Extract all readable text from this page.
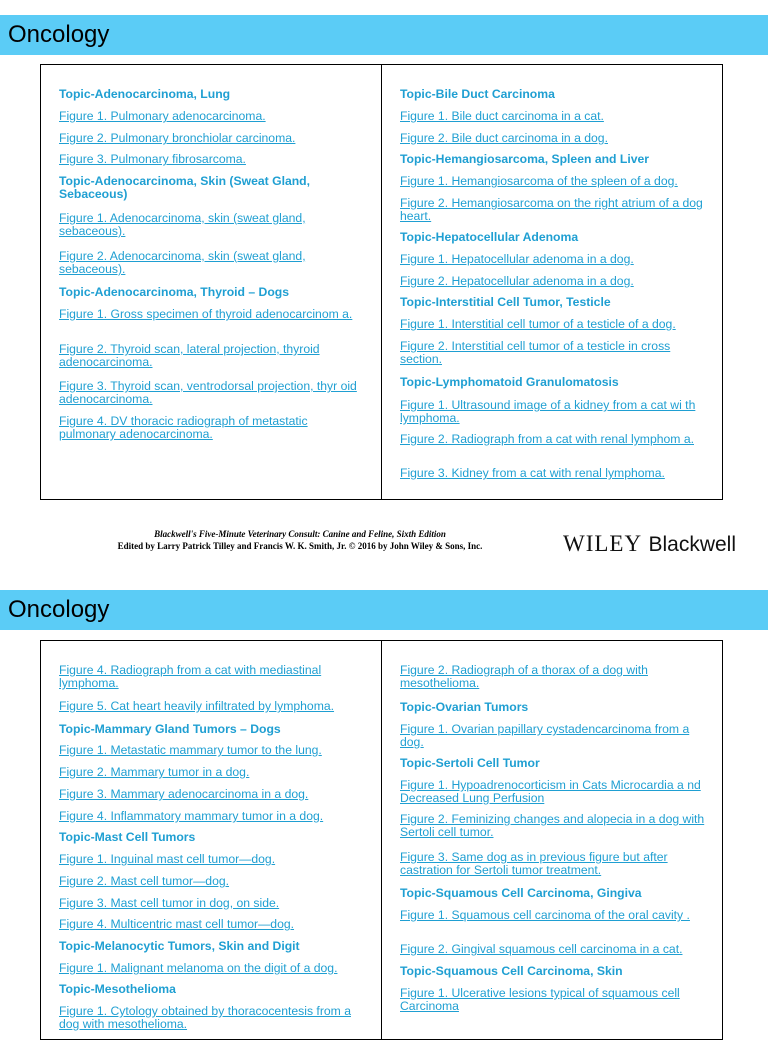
Oncology
Topic-Adenocarcinoma, Lung
Figure 1. Pulmonary adenocarcinoma.
Figure 2. Pulmonary bronchiolar carcinoma.
Figure 3. Pulmonary fibrosarcoma.
Topic-Adenocarcinoma, Skin (Sweat Gland, Sebaceous)
Figure 1. Adenocarcinoma, skin (sweat gland, sebaceous).
Figure 2. Adenocarcinoma, skin (sweat gland, sebaceous).
Topic-Adenocarcinoma, Thyroid – Dogs
Figure 1. Gross specimen of thyroid adenocarcinom a.
Figure 2. Thyroid scan, lateral projection, thyroid adenocarcinoma.
Figure 3. Thyroid scan, ventrodorsal projection, thyr oid adenocarcinoma.
Figure 4. DV thoracic radiograph of metastatic pulmonary adenocarcinoma.
Topic-Bile Duct Carcinoma
Figure 1. Bile duct carcinoma in a cat.
Figure 2. Bile duct carcinoma in a dog.
Topic-Hemangiosarcoma, Spleen and Liver
Figure 1. Hemangiosarcoma of the spleen of a dog.
Figure 2. Hemangiosarcoma on the right atrium of a dog heart.
Topic-Hepatocellular Adenoma
Figure 1. Hepatocellular adenoma in a dog.
Figure 2. Hepatocellular adenoma in a dog.
Topic-Interstitial Cell Tumor, Testicle
Figure 1. Interstitial cell tumor of a testicle of a dog.
Figure 2. Interstitial cell tumor of a testicle in cross section.
Topic-Lymphomatoid Granulomatosis
Figure 1. Ultrasound image of a kidney from a cat wi th lymphoma.
Figure 2. Radiograph from a cat with renal lymphom a.
Figure 3. Kidney from a cat with renal lymphoma.
Blackwell's Five-Minute Veterinary Consult: Canine and Feline, Sixth Edition
Edited by Larry Patrick Tilley and Francis W. K. Smith, Jr. © 2016 by John Wiley & Sons, Inc.	WILEY Blackwell
Oncology
Figure 4. Radiograph from a cat with mediastinal lymphoma.
Figure 5. Cat heart heavily infiltrated by lymphoma.
Topic-Mammary Gland Tumors – Dogs
Figure 1. Metastatic mammary tumor to the lung.
Figure 2. Mammary tumor in a dog.
Figure 3. Mammary adenocarcinoma in a dog.
Figure 4. Inflammatory mammary tumor in a dog.
Topic-Mast Cell Tumors
Figure 1. Inguinal mast cell tumor—dog.
Figure 2. Mast cell tumor—dog.
Figure 3. Mast cell tumor in dog, on side.
Figure 4. Multicentric mast cell tumor—dog.
Topic-Melanocytic Tumors, Skin and Digit
Figure 1. Malignant melanoma on the digit of a dog.
Topic-Mesothelioma
Figure 1. Cytology obtained by thoracocentesis from a dog with mesothelioma.
Figure 2. Radiograph of a thorax of a dog with mesothelioma.
Topic-Ovarian Tumors
Figure 1. Ovarian papillary cystadencarcinoma from a dog.
Topic-Sertoli Cell Tumor
Figure 1. Hypoadrenocorticism in Cats Microcardia a nd Decreased Lung Perfusion
Figure 2. Feminizing changes and alopecia in a dog with Sertoli cell tumor.
Figure 3. Same dog as in previous figure but after castration for Sertoli tumor treatment.
Topic-Squamous Cell Carcinoma, Gingiva
Figure 1. Squamous cell carcinoma of the oral cavity .
Figure 2. Gingival squamous cell carcinoma in a cat.
Topic-Squamous Cell Carcinoma, Skin
Figure 1. Ulcerative lesions typical of squamous cell Carcinoma
